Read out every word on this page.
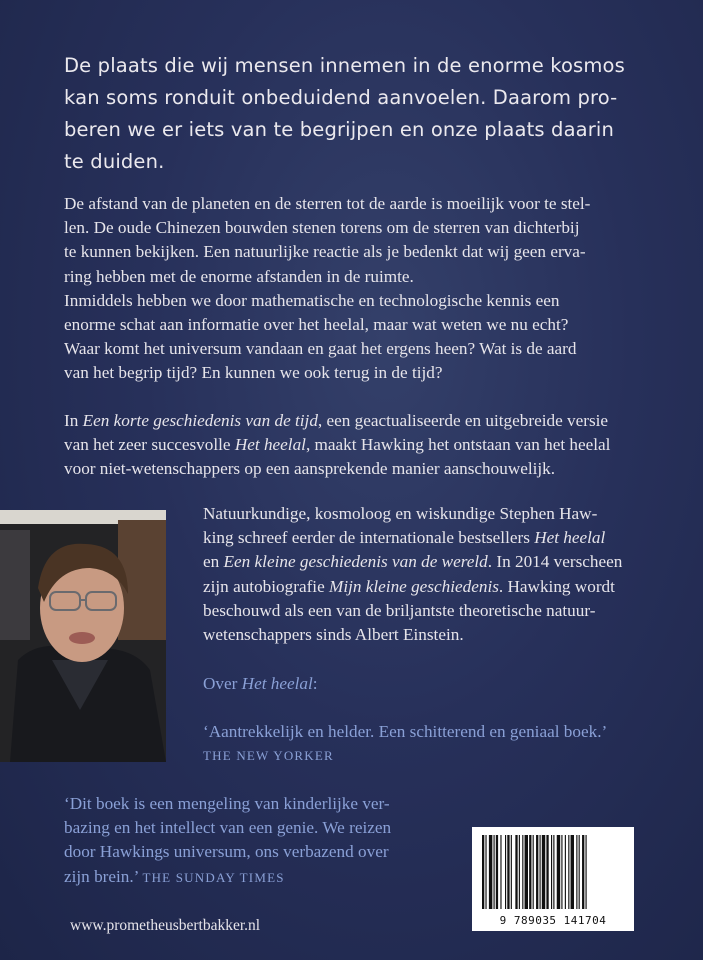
De plaats die wij mensen innemen in de enorme kosmos
kan soms ronduit onbeduidend aanvoelen. Daarom pro-
beren we er iets van te begrijpen en onze plaats daarin
te duiden.
De afstand van de planeten en de sterren tot de aarde is moeilijk voor te stel-
len. De oude Chinezen bouwden stenen torens om de sterren van dichterbij
te kunnen bekijken. Een natuurlijke reactie als je bedenkt dat wij geen erva-
ring hebben met de enorme afstanden in de ruimte.
Inmiddels hebben we door mathematische en technologische kennis een
enorme schat aan informatie over het heelal, maar wat weten we nu echt?
Waar komt het universum vandaan en gaat het ergens heen? Wat is de aard
van het begrip tijd? En kunnen we ook terug in de tijd?
In Een korte geschiedenis van de tijd, een geactualiseerde en uitgebreide versie
van het zeer succesvolle Het heelal, maakt Hawking het ontstaan van het heelal
voor niet-wetenschappers op een aansprekende manier aanschouwelijk.
Natuurkundige, kosmoloog en wiskundige Stephen Haw-
king schreef eerder de internationale bestsellers Het heelal
en Een kleine geschiedenis van de wereld. In 2014 verscheen
zijn autobiografie Mijn kleine geschiedenis. Hawking wordt
beschouwd als een van de briljantste theoretische natuur-
wetenschappers sinds Albert Einstein.
Over Het heelal:
‘Aantrekkelijk en helder. Een schitterend en geniaal boek.’
THE NEW YORKER
‘Dit boek is een mengeling van kinderlijke ver-
bazing en het intellect van een genie. We reizen
door Hawkings universum, ons verbazend over
zijn brein.’ THE SUNDAY TIMES
9 789035 141704
www.prometheusbertbakker.nl
